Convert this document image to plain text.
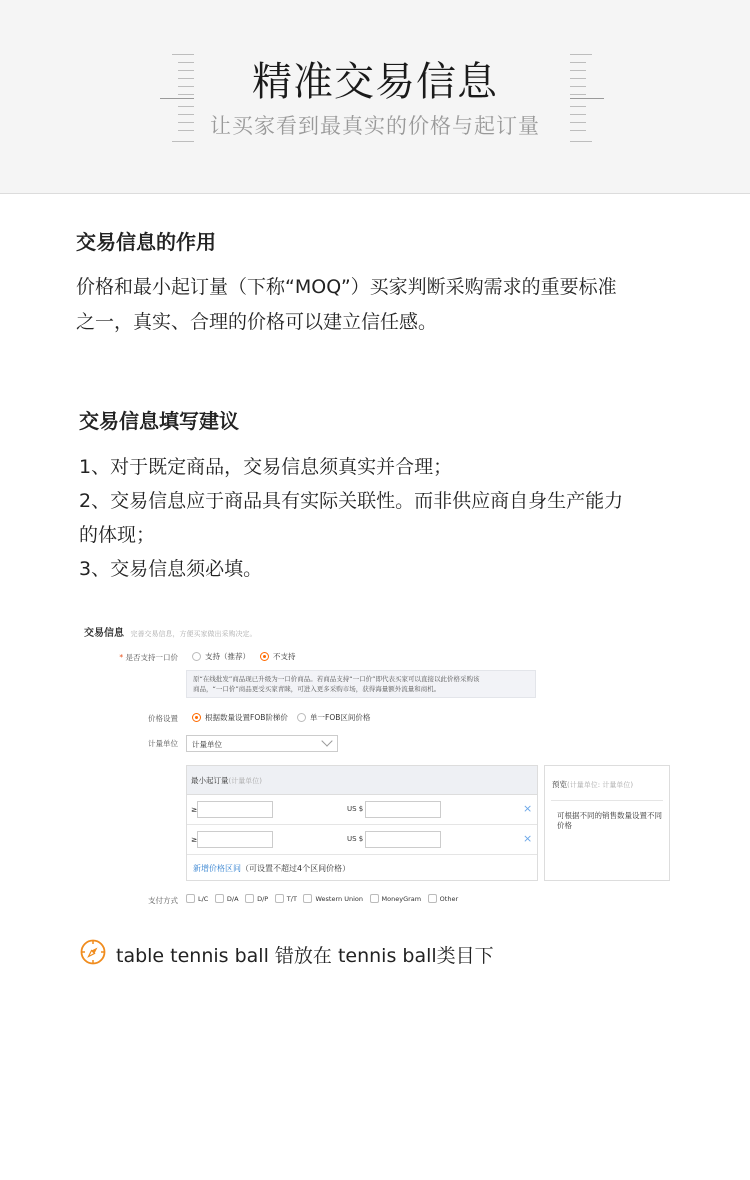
精准交易信息
让买家看到最真实的价格与起订量
交易信息的作用
价格和最小起订量（下称“MOQ”）买家判断采购需求的重要标准
之一，真实、合理的价格可以建立信任感。
交易信息填写建议
1、对于既定商品，交易信息须真实并合理；
2、交易信息应于商品具有实际关联性。而非供应商自身生产能力
的体现；
3、交易信息须必填。
交易信息 完善交易信息，方便买家做出采购决定。
* 是否支持一口价	支持（推荐）	不支持
原“在线批发”商品现已升级为一口价商品。若商品支持“一口价”即代表买家可以直接以此价格采购该
商品，“一口价”商品更受买家青睐，可进入更多采购市场，获得海量额外流量和商机。
价格设置	根据数量设置FOB阶梯价	单一FOB区间价格
计量单位	计量单位
最小起订量(计量单位)
≥	US $	×
≥	US $	×
新增价格区间（可设置不超过4个区间价格）
预览(计量单位: 计量单位)
可根据不同的销售数量设置不同价格
支付方式	L/C	D/A	D/P	T/T	Western Union	MoneyGram	Other
table tennis ball 错放在 tennis ball类目下
